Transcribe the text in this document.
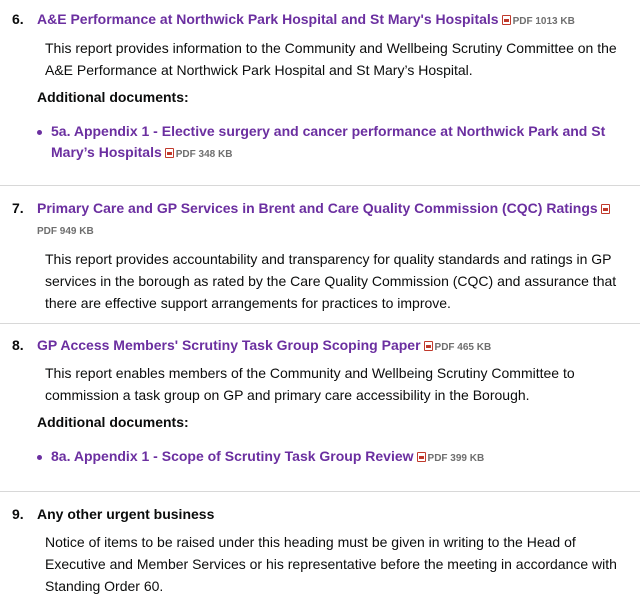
6. A&E Performance at Northwick Park Hospital and St Mary's Hospitals PDF 1013 KB
This report provides information to the Community and Wellbeing Scrutiny Committee on the A&E Performance at Northwick Park Hospital and St Mary’s Hospital.
Additional documents:
5a. Appendix 1 - Elective surgery and cancer performance at Northwick Park and St Mary’s Hospitals PDF 348 KB
7. Primary Care and GP Services in Brent and Care Quality Commission (CQC) RatingsPDF 949 KB
This report provides accountability and transparency for quality standards and ratings in GP services in the borough as rated by the Care Quality Commission (CQC) and assurance that there are effective support arrangements for practices to improve.
8. GP Access Members' Scrutiny Task Group Scoping Paper PDF 465 KB
This report enables members of the Community and Wellbeing Scrutiny Committee to commission a task group on GP and primary care accessibility in the Borough.
Additional documents:
8a. Appendix 1 - Scope of Scrutiny Task Group Review PDF 399 KB
9. Any other urgent business
Notice of items to be raised under this heading must be given in writing to the Head of Executive and Member Services or his representative before the meeting in accordance with Standing Order 60.
